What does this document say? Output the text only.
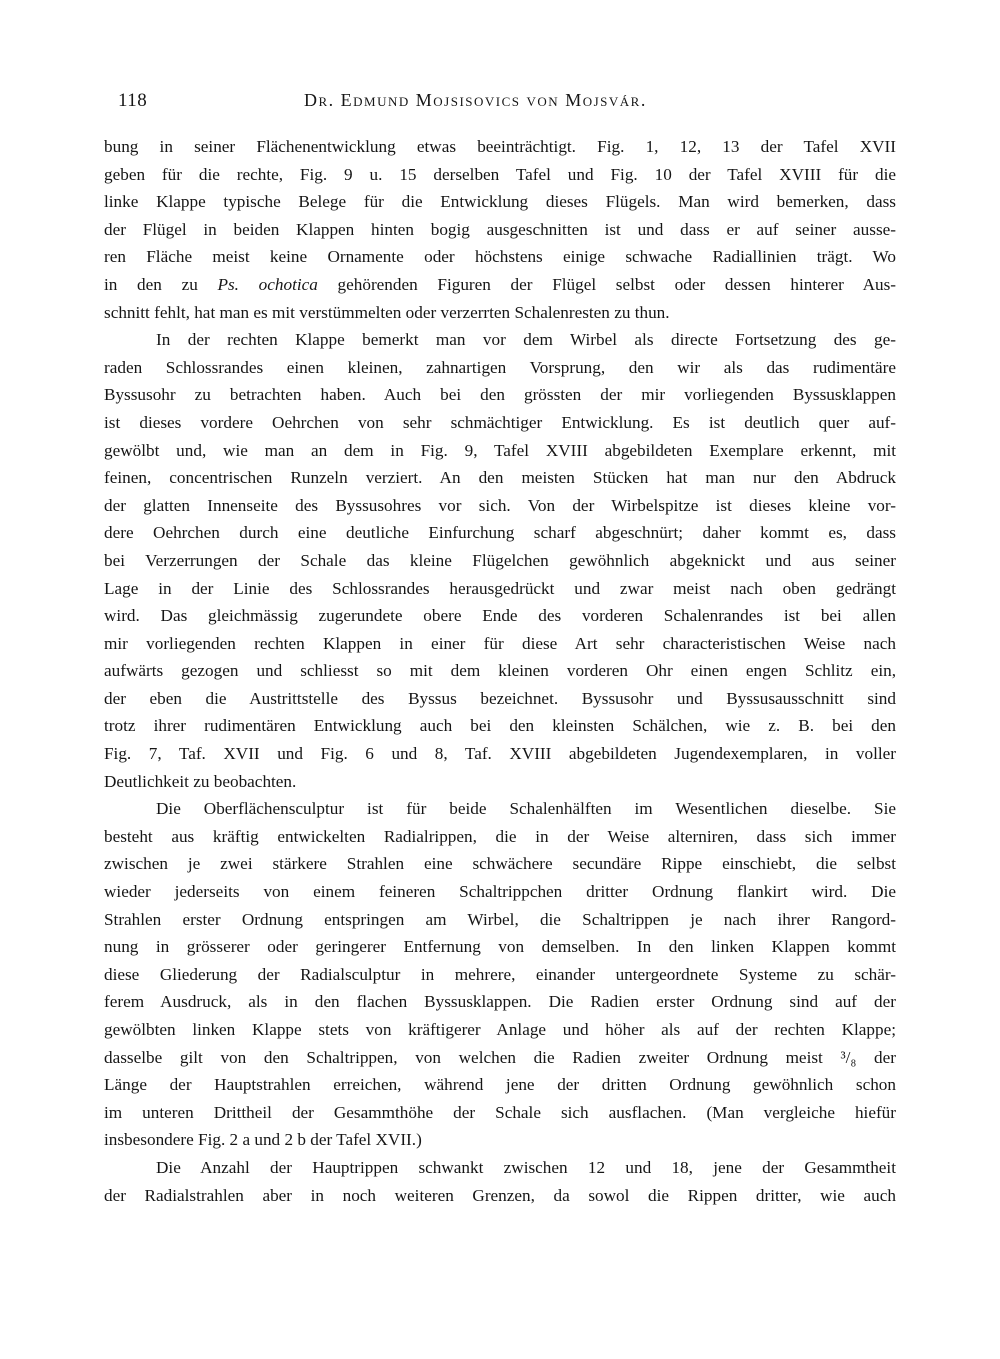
118	Dr. Edmund Mojsisovics von Mojsvár.
bung in seiner Flächenentwicklung etwas beeinträchtigt. Fig. 1, 12, 13 der Tafel XVII
geben für die rechte, Fig. 9 u. 15 derselben Tafel und Fig. 10 der Tafel XVIII für die
linke Klappe typische Belege für die Entwicklung dieses Flügels. Man wird bemerken, dass
der Flügel in beiden Klappen hinten bogig ausgeschnitten ist und dass er auf seiner ausse-
ren Fläche meist keine Ornamente oder höchstens einige schwache Radiallinien trägt. Wo
in den zu Ps. ochotica gehörenden Figuren der Flügel selbst oder dessen hinterer Aus-
schnitt fehlt, hat man es mit verstümmelten oder verzerrten Schalenresten zu thun.
In der rechten Klappe bemerkt man vor dem Wirbel als directe Fortsetzung des ge-
raden Schlossrandes einen kleinen, zahnartigen Vorsprung, den wir als das rudimentäre
Byssusohr zu betrachten haben. Auch bei den grössten der mir vorliegenden Byssusklappen
ist dieses vordere Oehrchen von sehr schmächtiger Entwicklung. Es ist deutlich quer auf-
gewölbt und, wie man an dem in Fig. 9, Tafel XVIII abgebildeten Exemplare erkennt, mit
feinen, concentrischen Runzeln verziert. An den meisten Stücken hat man nur den Abdruck
der glatten Innenseite des Byssusohres vor sich. Von der Wirbelspitze ist dieses kleine vor-
dere Oehrchen durch eine deutliche Einfurchung scharf abgeschnürt; daher kommt es, dass
bei Verzerrungen der Schale das kleine Flügelchen gewöhnlich abgeknickt und aus seiner
Lage in der Linie des Schlossrandes herausgedrückt und zwar meist nach oben gedrängt
wird. Das gleichmässig zugerundete obere Ende des vorderen Schalenrandes ist bei allen
mir vorliegenden rechten Klappen in einer für diese Art sehr characteristischen Weise nach
aufwärts gezogen und schliesst so mit dem kleinen vorderen Ohr einen engen Schlitz ein,
der eben die Austrittstelle des Byssus bezeichnet. Byssusohr und Byssusausschnitt sind
trotz ihrer rudimentären Entwicklung auch bei den kleinsten Schälchen, wie z. B. bei den
Fig. 7, Taf. XVII und Fig. 6 und 8, Taf. XVIII abgebildeten Jugendexemplaren, in voller
Deutlichkeit zu beobachten.
Die Oberflächensculptur ist für beide Schalenhälften im Wesentlichen dieselbe. Sie
besteht aus kräftig entwickelten Radialrippen, die in der Weise alterniren, dass sich immer
zwischen je zwei stärkere Strahlen eine schwächere secundäre Rippe einschiebt, die selbst
wieder jederseits von einem feineren Schaltrippchen dritter Ordnung flankirt wird. Die
Strahlen erster Ordnung entspringen am Wirbel, die Schaltrippen je nach ihrer Rangord-
nung in grösserer oder geringerer Entfernung von demselben. In den linken Klappen kommt
diese Gliederung der Radialsculptur in mehrere, einander untergeordnete Systeme zu schär-
ferem Ausdruck, als in den flachen Byssusklappen. Die Radien erster Ordnung sind auf der
gewölbten linken Klappe stets von kräftigerer Anlage und höher als auf der rechten Klappe;
dasselbe gilt von den Schaltrippen, von welchen die Radien zweiter Ordnung meist ³/₈ der
Länge der Hauptstrahlen erreichen, während jene der dritten Ordnung gewöhnlich schon
im unteren Drittheil der Gesammthöhe der Schale sich ausflachen. (Man vergleiche hiefür
insbesondere Fig. 2 a und 2 b der Tafel XVII.)
Die Anzahl der Hauptrippen schwankt zwischen 12 und 18, jene der Gesammtheit
der Radialstrahlen aber in noch weiteren Grenzen, da sowol die Rippen dritter, wie auch
